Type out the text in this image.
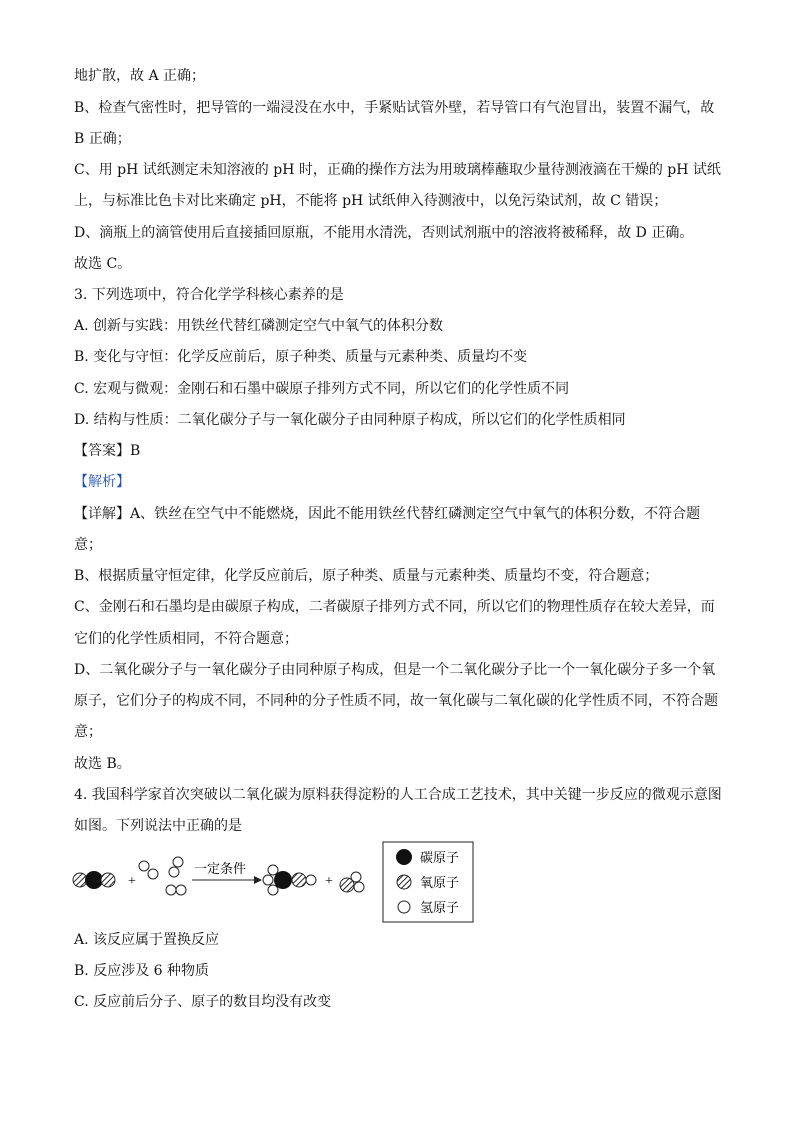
地扩散，故 A 正确；
B、检查气密性时，把导管的一端浸没在水中，手紧贴试管外壁，若导管口有气泡冒出，装置不漏气，故
B 正确；
C、用 pH 试纸测定未知溶液的 pH 时，正确的操作方法为用玻璃棒蘸取少量待测液滴在干燥的 pH 试纸
上，与标准比色卡对比来确定 pH，不能将 pH 试纸伸入待测液中，以免污染试剂，故 C 错误；
D、滴瓶上的滴管使用后直接插回原瓶，不能用水清洗，否则试剂瓶中的溶液将被稀释，故 D 正确。
故选 C。
3. 下列选项中，符合化学学科核心素养的是
A. 创新与实践：用铁丝代替红磷测定空气中氧气的体积分数
B. 变化与守恒：化学反应前后，原子种类、质量与元素种类、质量均不变
C. 宏观与微观：金刚石和石墨中碳原子排列方式不同，所以它们的化学性质不同
D. 结构与性质：二氧化碳分子与一氧化碳分子由同种原子构成，所以它们的化学性质相同
【答案】B
【解析】
【详解】A、铁丝在空气中不能燃烧，因此不能用铁丝代替红磷测定空气中氧气的体积分数，不符合题
意；
B、根据质量守恒定律，化学反应前后，原子种类、质量与元素种类、质量均不变，符合题意；
C、金刚石和石墨均是由碳原子构成，二者碳原子排列方式不同，所以它们的物理性质存在较大差异，而
它们的化学性质相同，不符合题意；
D、二氧化碳分子与一氧化碳分子由同种原子构成，但是一个二氧化碳分子比一个一氧化碳分子多一个氧
原子，它们分子的构成不同，不同种的分子性质不同，故一氧化碳与二氧化碳的化学性质不同，不符合题
意；
故选 B。
4. 我国科学家首次突破以二氧化碳为原料获得淀粉的人工合成工艺技术，其中关键一步反应的微观示意图
如图。下列说法中正确的是
+
一定条件
+
碳原子
氧原子
氢原子
A. 该反应属于置换反应
B. 反应涉及 6 种物质
C. 反应前后分子、原子的数目均没有改变
